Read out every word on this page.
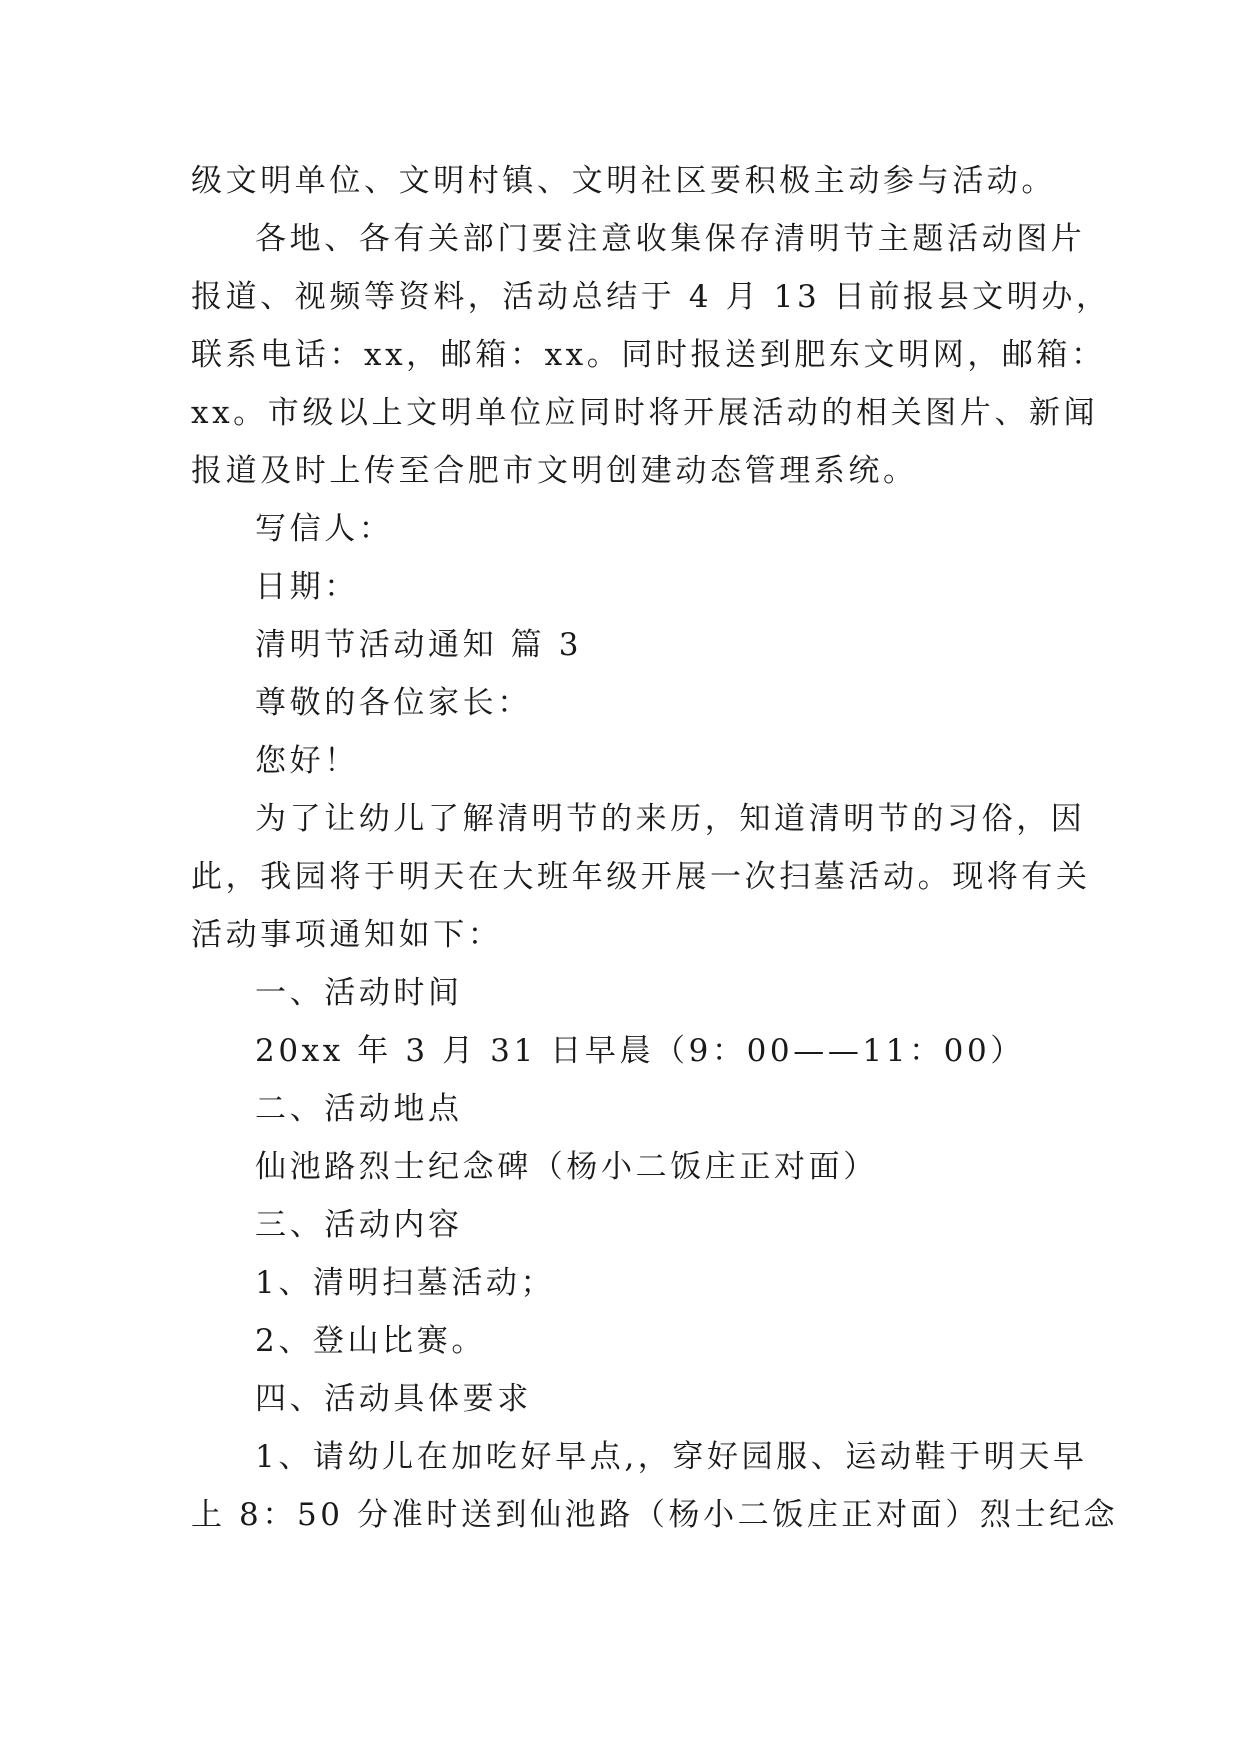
级文明单位、文明村镇、文明社区要积极主动参与活动。
各地、各有关部门要注意收集保存清明节主题活动图片
报道、视频等资料，活动总结于 4 月 13 日前报县文明办，
联系电话：xx，邮箱：xx。同时报送到肥东文明网，邮箱：
xx。市级以上文明单位应同时将开展活动的相关图片、新闻
报道及时上传至合肥市文明创建动态管理系统。
写信人：
日期：
清明节活动通知 篇 3
尊敬的各位家长：
您好！
为了让幼儿了解清明节的来历，知道清明节的习俗，因
此，我园将于明天在大班年级开展一次扫墓活动。现将有关
活动事项通知如下：
一、活动时间
20xx 年 3 月 31 日早晨（9：00——11：00）
二、活动地点
仙池路烈士纪念碑（杨小二饭庄正对面）
三、活动内容
1、清明扫墓活动；
2、登山比赛。
四、活动具体要求
1、请幼儿在加吃好早点,，穿好园服、运动鞋于明天早
上 8：50 分准时送到仙池路（杨小二饭庄正对面）烈士纪念
